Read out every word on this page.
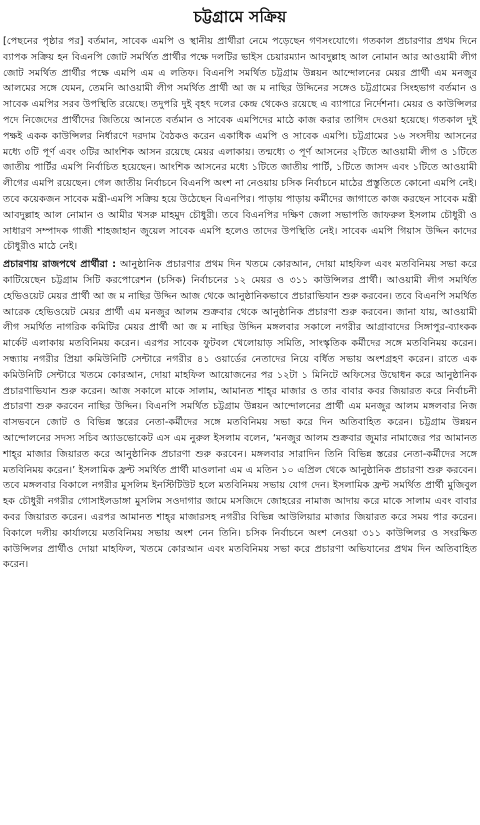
চট্টগ্রামে সক্রিয়

[পেছনের পৃষ্ঠার পর] বর্তমান, সাবেক এমপি ও স্থানীয় প্রার্থীরা নেমে পড়েছেন গণসংযোগে। গতকাল প্রচারণার প্রথম দিনে ব্যাপক সক্রিয় হন বিএনপি জোট সমর্থিত প্রার্থীর পক্ষে দলটির ভাইস চেয়ারম্যান আবদুল্লাহ আল নোমান আর আওয়ামী লীগ জোট সমর্থিত প্রার্থীর পক্ষে এমপি এম এ লতিফ। বিএনপি সমর্থিত চট্টগ্রাম উন্নয়ন আন্দোলনের মেয়র প্রার্থী এম মনজুর আলমের সঙ্গে যেমন, তেমনি আওয়ামী লীগ সমর্থিত প্রার্থী আ জ ম নাছির উদ্দিনের সঙ্গেও চট্টগ্রামের সিংহভাগ বর্তমান ও সাবেক এমপির সরব উপস্থিতি রয়েছে। তদুপরি দুই বৃহৎ দলের কেন্দ্র থেকেও রয়েছে এ ব্যাপারে নির্দেশনা। মেয়র ও কাউন্সিলর পদে নিজেদের প্রার্থীদের জিতিয়ে আনতে বর্তমান ও সাবেক এমপিদের মাঠে কাজ করার তাগিদ দেওয়া হয়েছে। গতকাল দুই পক্ষই একক কাউন্সিলর নির্ধারণে দরদাম বৈঠকও করেন একাধিক এমপি ও সাবেক এমপি। চট্টগ্রামের ১৬ সংসদীয় আসনের মধ্যে ৩টি পূর্ণ এবং ৩টির আংশিক আসন রয়েছে মেয়র এলাকায়। তন্মধ্যে ৩ পূর্ণ আসনের ২টিতে আওয়ামী লীগ ও ১টিতে জাতীয় পার্টির এমপি নির্বাচিত হয়েছেন। আংশিক আসনের মধ্যে ১টিতে জাতীয় পার্টি, ১টিতে জাসদ এবং ১টিতে আওয়ামী লীগের এমপি রয়েছেন। গেল জাতীয় নির্বাচনে বিএনপি অংশ না নেওয়ায় চসিক নির্বাচনে মাঠের প্রস্তুতিতে কোনো এমপি নেই। তবে কয়েকজন সাবেক মন্ত্রী-এমপি সক্রিয় হয়ে উঠেছেন বিএনপির। পাড়ায় পাড়ায় কর্মীদের জাগাতে কাজ করছেন সাবেক মন্ত্রী আবদুল্লাহ আল নোমান ও আমীর খসরু মাহমুদ চৌধুরী। তবে বিএনপির দক্ষিণ জেলা সভাপতি জাফরুল ইসলাম চৌধুরী ও সাধারণ সম্পাদক গাজী শাহজাহান জুয়েল সাবেক এমপি হলেও তাদের উপস্থিতি নেই। সাবেক এমপি গিয়াস উদ্দিন কাদের চৌধুরীও মাঠে নেই।

প্রচারণায় রাজপথে প্রার্থীরা : আনুষ্ঠানিক প্রচারণার প্রথম দিন খতমে কোরআন, দোয়া মাহফিল এবং মতবিনিময় সভা করে কাটিয়েছেন চট্টগ্রাম সিটি করপোরেশন (চসিক) নির্বাচনের ১২ মেয়র ও ৩১১ কাউন্সিলর প্রার্থী। আওয়ামী লীগ সমর্থিত হেভিওয়েট মেয়র প্রার্থী আ জ ম নাছির উদ্দিন আজ থেকে আনুষ্ঠানিকভাবে প্রচারাভিযান শুরু করবেন। তবে বিএনপি সমর্থিত আরেক হেভিওয়েট মেয়র প্রার্থী এম মনজুর আলম শুক্রবার থেকে আনুষ্ঠানিক প্রচারণা শুরু করবেন। জানা যায়, আওয়ামী লীগ সমর্থিত নাগরিক কমিটির মেয়র প্রার্থী আ জ ম নাছির উদ্দিন মঙ্গলবার সকালে নগরীর আগ্রাবাদের সিঙ্গাপুর-ব্যাংকক মার্কেট এলাকায় মতবিনিময় করেন। এরপর সাবেক ফুটবল খেলোয়াড় সমিতি, সাংস্কৃতিক কর্মীদের সঙ্গে মতবিনিময় করেন। সন্ধ্যায় নগরীর প্রিয়া কমিউনিটি সেন্টারে নগরীর ৪১ ওয়ার্ডের নেতাদের নিয়ে বর্ধিত সভায় অংশগ্রহণ করেন। রাতে এক কমিউনিটি সেন্টারে খতমে কোরআন, দোয়া মাহফিল আয়োজনের পর ১২টা ১ মিনিটে অফিসের উদ্বোধন করে আনুষ্ঠানিক প্রচারণাভিযান শুরু করেন। আজ সকালে মাকে সালাম, আমানত শাহ্‌র মাজার ও তার বাবার কবর জিয়ারত করে নির্বাচনী প্রচারণা শুরু করবেন নাছির উদ্দিন। বিএনপি সমর্থিত চট্টগ্রাম উন্নয়ন আন্দোলনের প্রার্থী এম মনজুর আলম মঙ্গলবার নিজ বাসভবনে জোট ও বিভিন্ন স্তরের নেতা-কর্মীদের সঙ্গে মতবিনিময় সভা করে দিন অতিবাহিত করেন। চট্টগ্রাম উন্নয়ন আন্দোলনের সদস্য সচিব অ্যাডভোকেট এস এম নুরুল ইসলাম বলেন, ‘মনজুর আলম শুক্রবার জুমার নামাজের পর আমানত শাহ্‌র মাজার জিয়ারত করে আনুষ্ঠানিক প্রচারণা শুরু করবেন। মঙ্গলবার সারাদিন তিনি বিভিন্ন স্তরের নেতা-কর্মীদের সঙ্গে মতবিনিময় করেন।’ ইসলামিক ফ্রন্ট সমর্থিত প্রার্থী মাওলানা এম এ মতিন ১০ এপ্রিল থেকে আনুষ্ঠানিক প্রচারণা শুরু করবেন। তবে মঙ্গলবার বিকালে নগরীর মুসলিম ইনস্টিটিউট হলে মতবিনিময় সভায় যোগ দেন। ইসলামিক ফ্রন্ট সমর্থিত প্রার্থী মুজিবুল হক চৌধুরী নগরীর গোসাইলডাঙ্গা মুসলিম সওদাগার জামে মসজিদে জোহরের নামাজ আদায় করে মাকে সালাম এবং বাবার কবর জিয়ারত করেন। এরপর আমানত শাহ্‌র মাজারসহ নগরীর বিভিন্ন আউলিয়ার মাজার জিয়ারত করে সময় পার করেন। বিকালে দলীয় কার্যালয়ে মতবিনিময় সভায় অংশ নেন তিনি। চসিক নির্বাচনে অংশ নেওয়া ৩১১ কাউন্সিলর ও সংরক্ষিত কাউন্সিলর প্রার্থীও দোয়া মাহফিল, খতমে কোরআন এবং মতবিনিময় সভা করে প্রচারণা অভিযানের প্রথম দিন অতিবাহিত করেন।
